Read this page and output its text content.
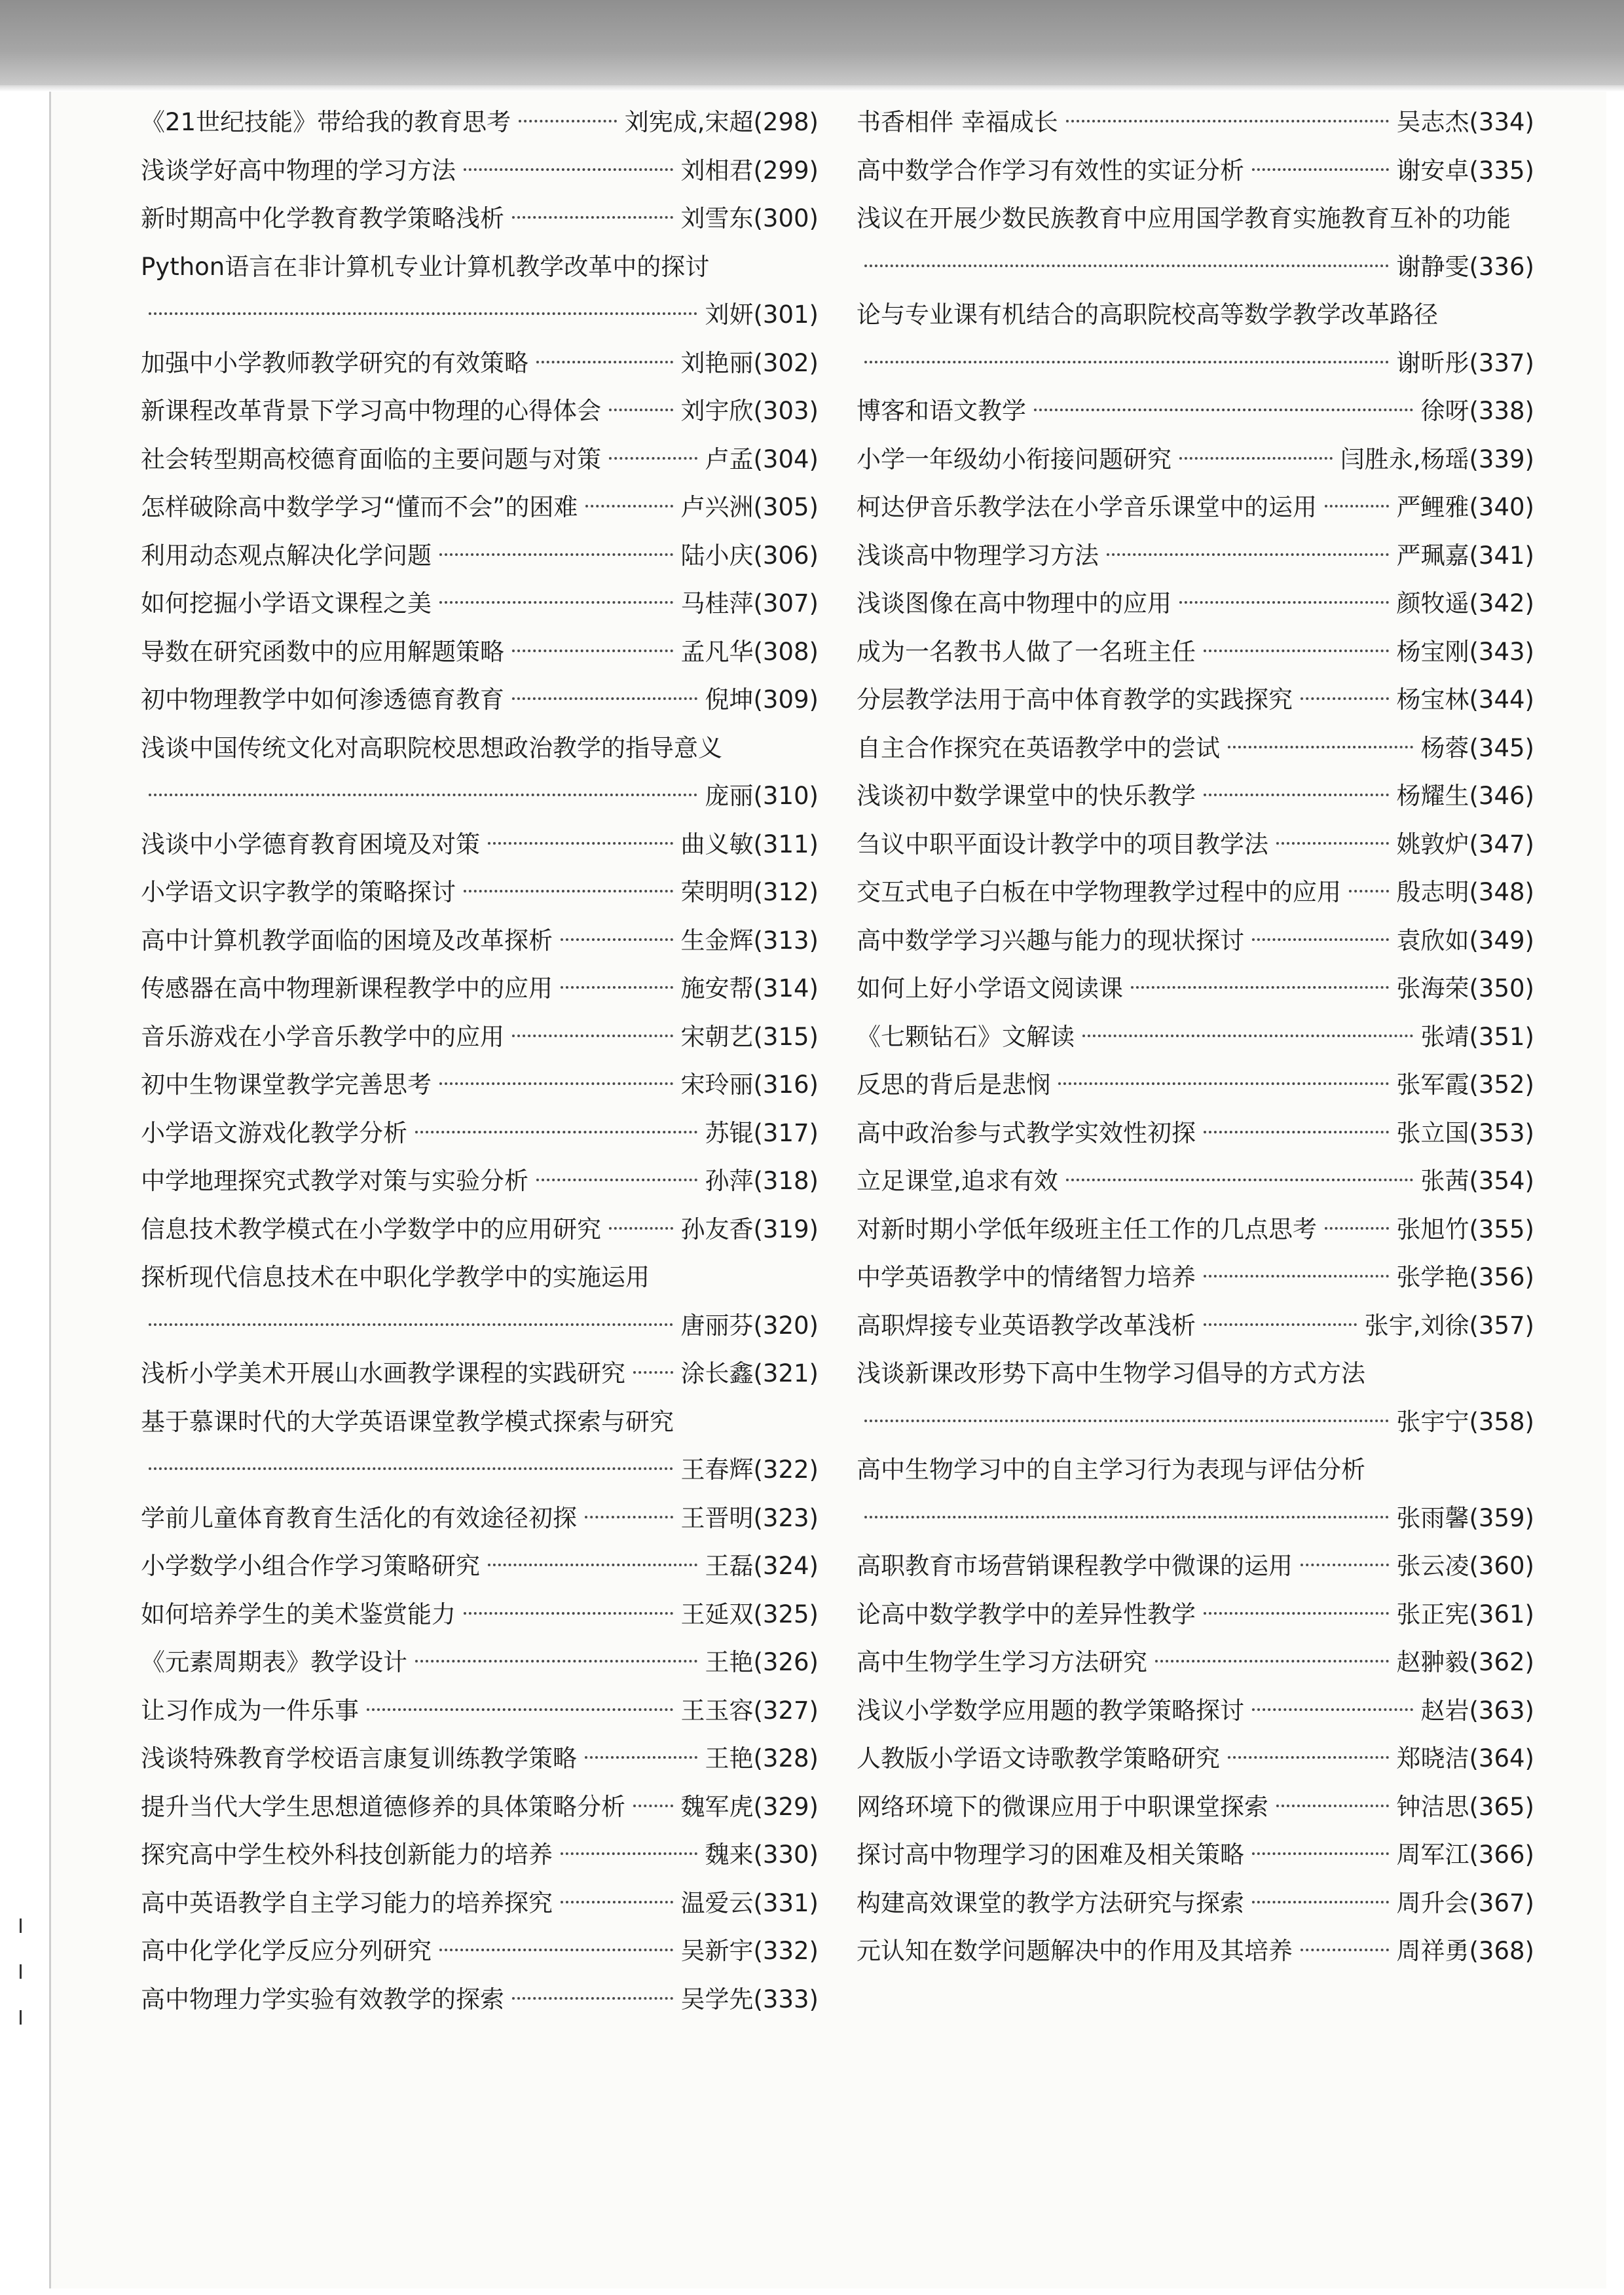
《21世纪技能》带给我的教育思考	刘宪成,宋超(298)
浅谈学好高中物理的学习方法	刘相君(299)
新时期高中化学教育教学策略浅析	刘雪东(300)
Python语言在非计算机专业计算机教学改革中的探讨
刘妍(301)
加强中小学教师教学研究的有效策略	刘艳丽(302)
新课程改革背景下学习高中物理的心得体会	刘宇欣(303)
社会转型期高校德育面临的主要问题与对策	卢孟(304)
怎样破除高中数学学习“懂而不会”的困难	卢兴洲(305)
利用动态观点解决化学问题	陆小庆(306)
如何挖掘小学语文课程之美	马桂萍(307)
导数在研究函数中的应用解题策略	孟凡华(308)
初中物理教学中如何渗透德育教育	倪坤(309)
浅谈中国传统文化对高职院校思想政治教学的指导意义
庞丽(310)
浅谈中小学德育教育困境及对策	曲义敏(311)
小学语文识字教学的策略探讨	荣明明(312)
高中计算机教学面临的困境及改革探析	生金辉(313)
传感器在高中物理新课程教学中的应用	施安帮(314)
音乐游戏在小学音乐教学中的应用	宋朝艺(315)
初中生物课堂教学完善思考	宋玲丽(316)
小学语文游戏化教学分析	苏锟(317)
中学地理探究式教学对策与实验分析	孙萍(318)
信息技术教学模式在小学数学中的应用研究	孙友香(319)
探析现代信息技术在中职化学教学中的实施运用
唐丽芬(320)
浅析小学美术开展山水画教学课程的实践研究 涂长鑫(321)
基于慕课时代的大学英语课堂教学模式探索与研究
王春辉(322)
学前儿童体育教育生活化的有效途径初探	王晋明(323)
小学数学小组合作学习策略研究	王磊(324)
如何培养学生的美术鉴赏能力	王延双(325)
《元素周期表》教学设计	王艳(326)
让习作成为一件乐事	王玉容(327)
浅谈特殊教育学校语言康复训练教学策略	王艳(328)
提升当代大学生思想道德修养的具体策略分析 魏军虎(329)
探究高中学生校外科技创新能力的培养	魏来(330)
高中英语教学自主学习能力的培养探究	温爱云(331)
高中化学化学反应分列研究	吴新宇(332)
高中物理力学实验有效教学的探索	吴学先(333)
书香相伴 幸福成长	吴志杰(334)
高中数学合作学习有效性的实证分析	谢安卓(335)
浅议在开展少数民族教育中应用国学教育实施教育互补的功能
谢静雯(336)
论与专业课有机结合的高职院校高等数学教学改革路径
谢昕彤(337)
博客和语文教学	徐呀(338)
小学一年级幼小衔接问题研究	闫胜永,杨瑶(339)
柯达伊音乐教学法在小学音乐课堂中的运用	严鲤雅(340)
浅谈高中物理学习方法	严珮嘉(341)
浅谈图像在高中物理中的应用	颜牧遥(342)
成为一名教书人做了一名班主任	杨宝刚(343)
分层教学法用于高中体育教学的实践探究	杨宝林(344)
自主合作探究在英语教学中的尝试	杨蓉(345)
浅谈初中数学课堂中的快乐教学	杨耀生(346)
刍议中职平面设计教学中的项目教学法	姚敦炉(347)
交互式电子白板在中学物理教学过程中的应用 殷志明(348)
高中数学学习兴趣与能力的现状探讨	袁欣如(349)
如何上好小学语文阅读课	张海荣(350)
《七颗钻石》文解读	张靖(351)
反思的背后是悲悯	张军霞(352)
高中政治参与式教学实效性初探	张立国(353)
立足课堂,追求有效	张茜(354)
对新时期小学低年级班主任工作的几点思考	张旭竹(355)
中学英语教学中的情绪智力培养	张学艳(356)
高职焊接专业英语教学改革浅析	张宇,刘徐(357)
浅谈新课改形势下高中生物学习倡导的方式方法
张宇宁(358)
高中生物学习中的自主学习行为表现与评估分析
张雨馨(359)
高职教育市场营销课程教学中微课的运用	张云凌(360)
论高中数学教学中的差异性教学	张正宪(361)
高中生物学生学习方法研究	赵翀毅(362)
浅议小学数学应用题的教学策略探讨	赵岩(363)
人教版小学语文诗歌教学策略研究	郑晓洁(364)
网络环境下的微课应用于中职课堂探索	钟洁思(365)
探讨高中物理学习的困难及相关策略	周军江(366)
构建高效课堂的教学方法研究与探索	周升会(367)
元认知在数学问题解决中的作用及其培养	周祥勇(368)
